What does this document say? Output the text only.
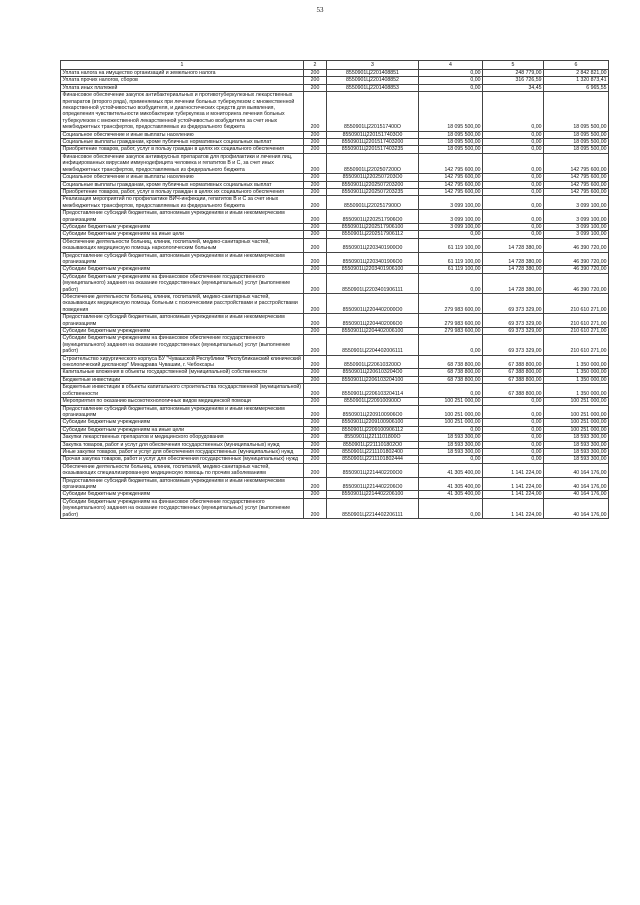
53
1	2	3	4	5	6
Уплата налога на имущество организаций и земельного налога	200	8550901Ц2201408851	0,00	248 779,00	2 842 821,00
Уплата прочих налогов, сборов	200	8550901Ц2201408852	0,00	316 726,59	1 320 873,41
Уплата иных платежей	200	8550901Ц2201408853	0,00	34,45	6 965,55
Финансовое обеспечение закупок антибактериальных и противотуберкулезных лекарственных препаратов (второго ряда), применяемых при лечении больных туберкулезом с множественной лекарственной устойчивостью возбудителя, и диагностических средств для выявления, определения чувствительности микобактерии туберкулеза и мониторинга лечения больных туберкулезом с множественной лекарственной устойчивостью возбудителя за счет иных межбюджетных трансфертов, предоставляемых из федерального бюджета	200	8550901Ц2201517400О	18 095 500,00	0,00	18 095 500,00
Социальное обеспечение и иные выплаты населению	200	8550901Ц2201517403О0	18 095 500,00	0,00	18 095 500,00
Социальные выплаты гражданам, кроме публичных нормативных социальных выплат	200	8550901Ц2201517403200	18 095 500,00	0,00	18 095 500,00
Приобретение товаров, работ, услуг в пользу граждан в целях их социального обеспечения	200	8550901Ц2201517403235	18 095 500,00	0,00	18 095 500,00
Финансовое обеспечение закупок антивирусных препаратов для профилактики и лечения лиц, инфицированных вирусами иммунодефицита человека и гепатитов B и C, за счет иных межбюджетных трансфертов, предоставляемых из федерального бюджета	200	8550901Ц2202507200О	142 795 600,00	0,00	142 795 600,00
Социальное обеспечение и иные выплаты населению	200	8550901Ц2202507203О0	142 795 600,00	0,00	142 795 600,00
Социальные выплаты гражданам, кроме публичных нормативных социальных выплат	200	8550901Ц2202507203200	142 795 600,00	0,00	142 795 600,00
Приобретение товаров, работ, услуг в пользу граждан в целях их социального обеспечения	200	8550901Ц2202507203235	142 795 600,00	0,00	142 795 600,00
Реализация мероприятий по профилактике ВИЧ-инфекции, гепатитов B и C за счет иных межбюджетных трансфертов, предоставляемых из федерального бюджета	200	8550901Ц2202517900О	3 099 100,00	0,00	3 099 100,00
Предоставление субсидий бюджетным, автономным учреждениям и иным некоммерческим организациям	200	8550901Ц2202517906О0	3 099 100,00	0,00	3 099 100,00
Субсидии бюджетным учреждениям	200	8550901Ц2202517906100	3 099 100,00	0,00	3 099 100,00
Субсидии бюджетным учреждениям на иные цели	200	8550901Ц2202517906112	0,00	0,00	3 099 100,00
Обеспечение деятельности больниц, клиник, госпиталей, медико-санитарных частей, оказывающих медицинскую помощь наркологическим больным	200	8550901Ц2203401900О0	61 119 100,00	14 728 380,00	46 390 720,00
Предоставление субсидий бюджетным, автономным учреждениям и иным некоммерческим организациям	200	8550901Ц2203401906О0	61 119 100,00	14 728 380,00	46 390 720,00
Субсидии бюджетным учреждениям	200	8550901Ц2203401906100	61 119 100,00	14 728 380,00	46 390 720,00
Субсидии бюджетным учреждениям на финансовое обеспечение государственного (муниципального) задания на оказание государственных (муниципальных) услуг (выполнение работ)	200	8550901Ц2203401906111	0,00	14 728 380,00	46 390 720,00
Обеспечение деятельности больниц, клиник, госпиталей, медико-санитарных частей, оказывающих медицинскую помощь больным с психическими расстройствами и расстройствами поведения	200	8550901Ц2204402000О0	279 983 600,00	69 373 329,00	210 610 271,00
Предоставление субсидий бюджетным, автономным учреждениям и иным некоммерческим организациям	200	8550901Ц2204402006О0	279 983 600,00	69 373 329,00	210 610 271,00
Субсидии бюджетным учреждениям	200	8550901Ц2204402006100	279 983 600,00	69 373 329,00	210 610 271,00
Субсидии бюджетным учреждениям на финансовое обеспечение государственного (муниципального) задания на оказание государственных (муниципальных) услуг (выполнение работ)	200	8550901Ц2204402006111	0,00	69 373 329,00	210 610 271,00
Строительство хирургического корпуса БУ "Чувашской Республики "Республиканский клинический онкологический диспансер" Минздрава Чувашии, г. Чебоксары	200	8550901Ц2206103200О	68 738 800,00	67 388 800,00	1 350 000,00
Капитальные вложения в объекты государственной (муниципальной) собственности	200	8550901Ц2206103204О0	68 738 800,00	67 388 800,00	1 350 000,00
Бюджетные инвестиции	200	8550901Ц2206103204100	68 738 800,00	67 388 800,00	1 350 000,00
Бюджетные инвестиции в объекты капитального строительства государственной (муниципальной) собственности	200	8550901Ц2206103204114	0,00	67 388 800,00	1 350 000,00
Мероприятия по оказанию высокотехнологичных видов медицинской помощи	200	8550901Ц2209100900О	100 251 000,00	0,00	100 251 000,00
Предоставление субсидий бюджетным, автономным учреждениям и иным некоммерческим организациям	200	8550901Ц2209100906О0	100 251 000,00	0,00	100 251 000,00
Субсидии бюджетным учреждениям	200	8550901Ц2209100906100	100 251 000,00	0,00	100 251 000,00
Субсидии бюджетным учреждениям на иные цели	200	8550901Ц2209100906112	0,00	0,00	100 251 000,00
Закупки лекарственных препаратов и медицинского оборудования	200	8550901Ц2211101800О	18 593 300,00	0,00	18 593 300,00
Закупка товаров, работ и услуг для обеспечения государственных (муниципальных) нужд	200	8550901Ц2211101802О0	18 593 300,00	0,00	18 593 300,00
Иные закупки товаров, работ и услуг для обеспечения государственных (муниципальных) нужд	200	8550901Ц2211101802400	18 593 300,00	0,00	18 593 300,00
Прочая закупка товаров, работ и услуг для обеспечения государственных (муниципальных) нужд	200	8550901Ц2211101802444	0,00	0,00	18 593 300,00
Обеспечение деятельности больниц, клиник, госпиталей, медико-санитарных частей, оказывающих специализированную медицинскую помощь по прочим заболеваниям	200	8550901Ц2214402200О0	41 305 400,00	1 141 224,00	40 164 176,00
Предоставление субсидий бюджетным, автономным учреждениям и иным некоммерческим организациям	200	8550901Ц2214402206О0	41 305 400,00	1 141 224,00	40 164 176,00
Субсидии бюджетным учреждениям	200	8550901Ц2214402206100	41 305 400,00	1 141 224,00	40 164 176,00
Субсидии бюджетным учреждениям на финансовое обеспечение государственного (муниципального) задания на оказание государственных (муниципальных) услуг (выполнение работ)	200	8550901Ц2214402206111	0,00	1 141 224,00	40 164 176,00
